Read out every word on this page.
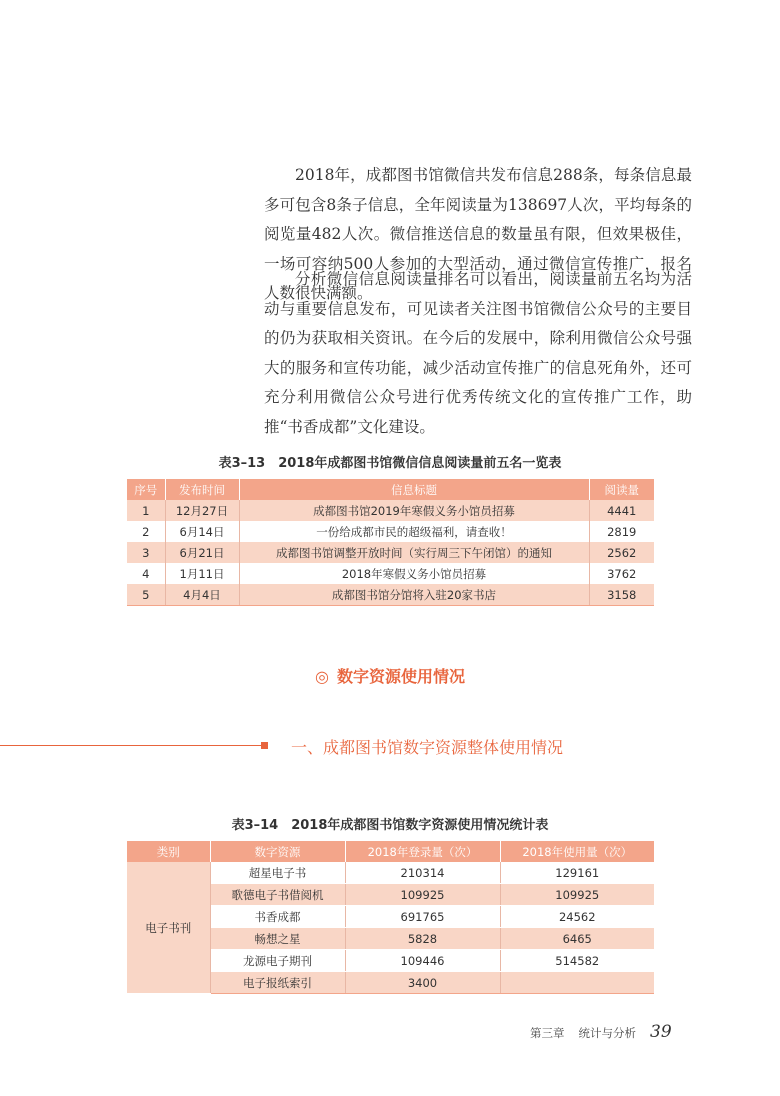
2018年，成都图书馆微信共发布信息288条，每条信息最多可包含8条子信息，全年阅读量为138697人次，平均每条的阅览量482人次。微信推送信息的数量虽有限，但效果极佳，一场可容纳500人参加的大型活动，通过微信宣传推广，报名人数很快满额。

分析微信信息阅读量排名可以看出，阅读量前五名均为活动与重要信息发布，可见读者关注图书馆微信公众号的主要目的仍为获取相关资讯。在今后的发展中，除利用微信公众号强大的服务和宣传功能，减少活动宣传推广的信息死角外，还可充分利用微信公众号进行优秀传统文化的宣传推广工作，助推“书香成都”文化建设。

表3–13　2018年成都图书馆微信信息阅读量前五名一览表
序号	发布时间	信息标题	阅读量
1	12月27日	成都图书馆2019年寒假义务小馆员招募	4441
2	6月14日	一份给成都市民的超级福利，请查收！	2819
3	6月21日	成都图书馆调整开放时间（实行周三下午闭馆）的通知	2562
4	1月11日	2018年寒假义务小馆员招募	3762
5	4月4日	成都图书馆分馆将入驻20家书店	3158
◎ 数字资源使用情况
一、成都图书馆数字资源整体使用情况
表3–14　2018年成都图书馆数字资源使用情况统计表
类别	数字资源	2018年登录量（次）	2018年使用量（次）
电子书刊	超星电子书	210314	129161
	歌德电子书借阅机	109925	109925
	书香成都	691765	24562
	畅想之星	5828	6465
	龙源电子期刊	109446	514582
	电子报纸索引	3400	
第三章 统计与分析 39
